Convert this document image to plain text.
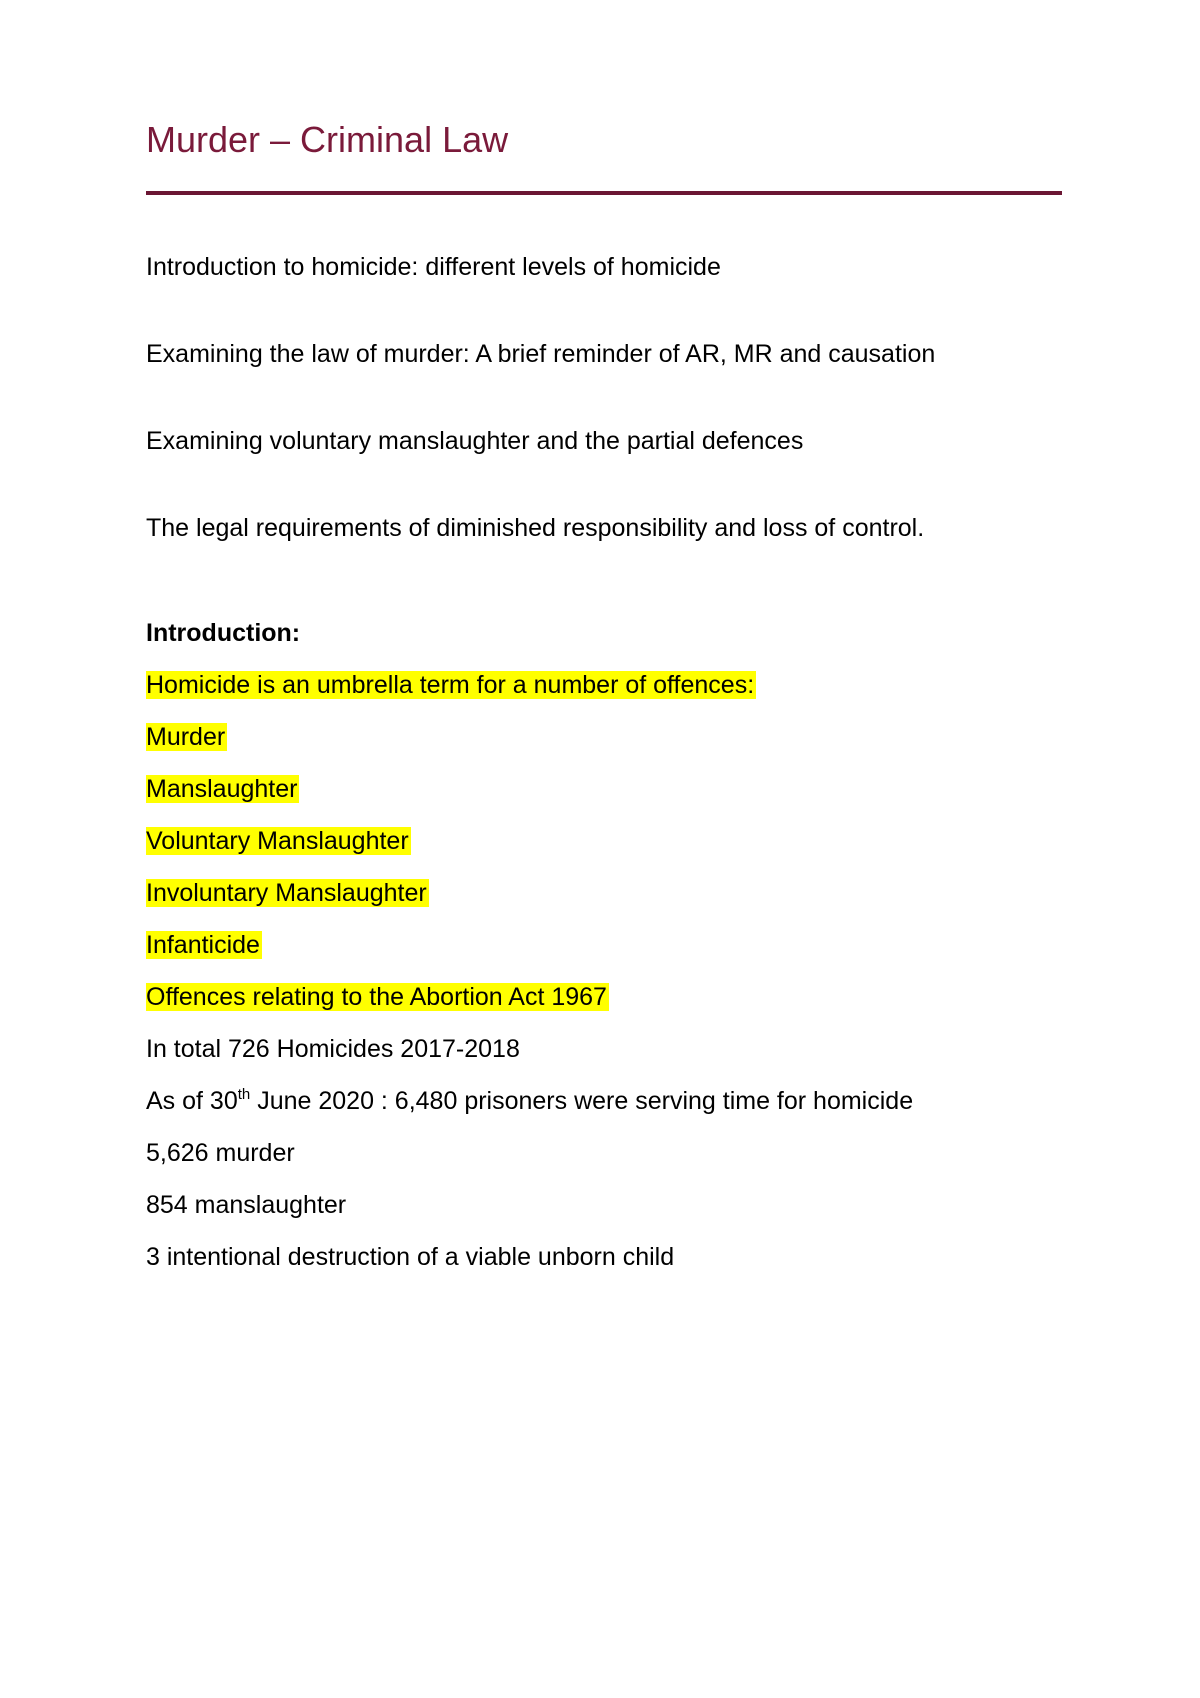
Murder – Criminal Law
Introduction to homicide: different levels of homicide
Examining the law of murder: A brief reminder of AR, MR and causation
Examining voluntary manslaughter and the partial defences
The legal requirements of diminished responsibility and loss of control.
Introduction:
Homicide is an umbrella term for a number of offences:
Murder
Manslaughter
Voluntary Manslaughter
Involuntary Manslaughter
Infanticide
Offences relating to the Abortion Act 1967
In total 726 Homicides 2017-2018
As of 30th June 2020 : 6,480 prisoners were serving time for homicide
5,626 murder
854 manslaughter
3 intentional destruction of a viable unborn child
